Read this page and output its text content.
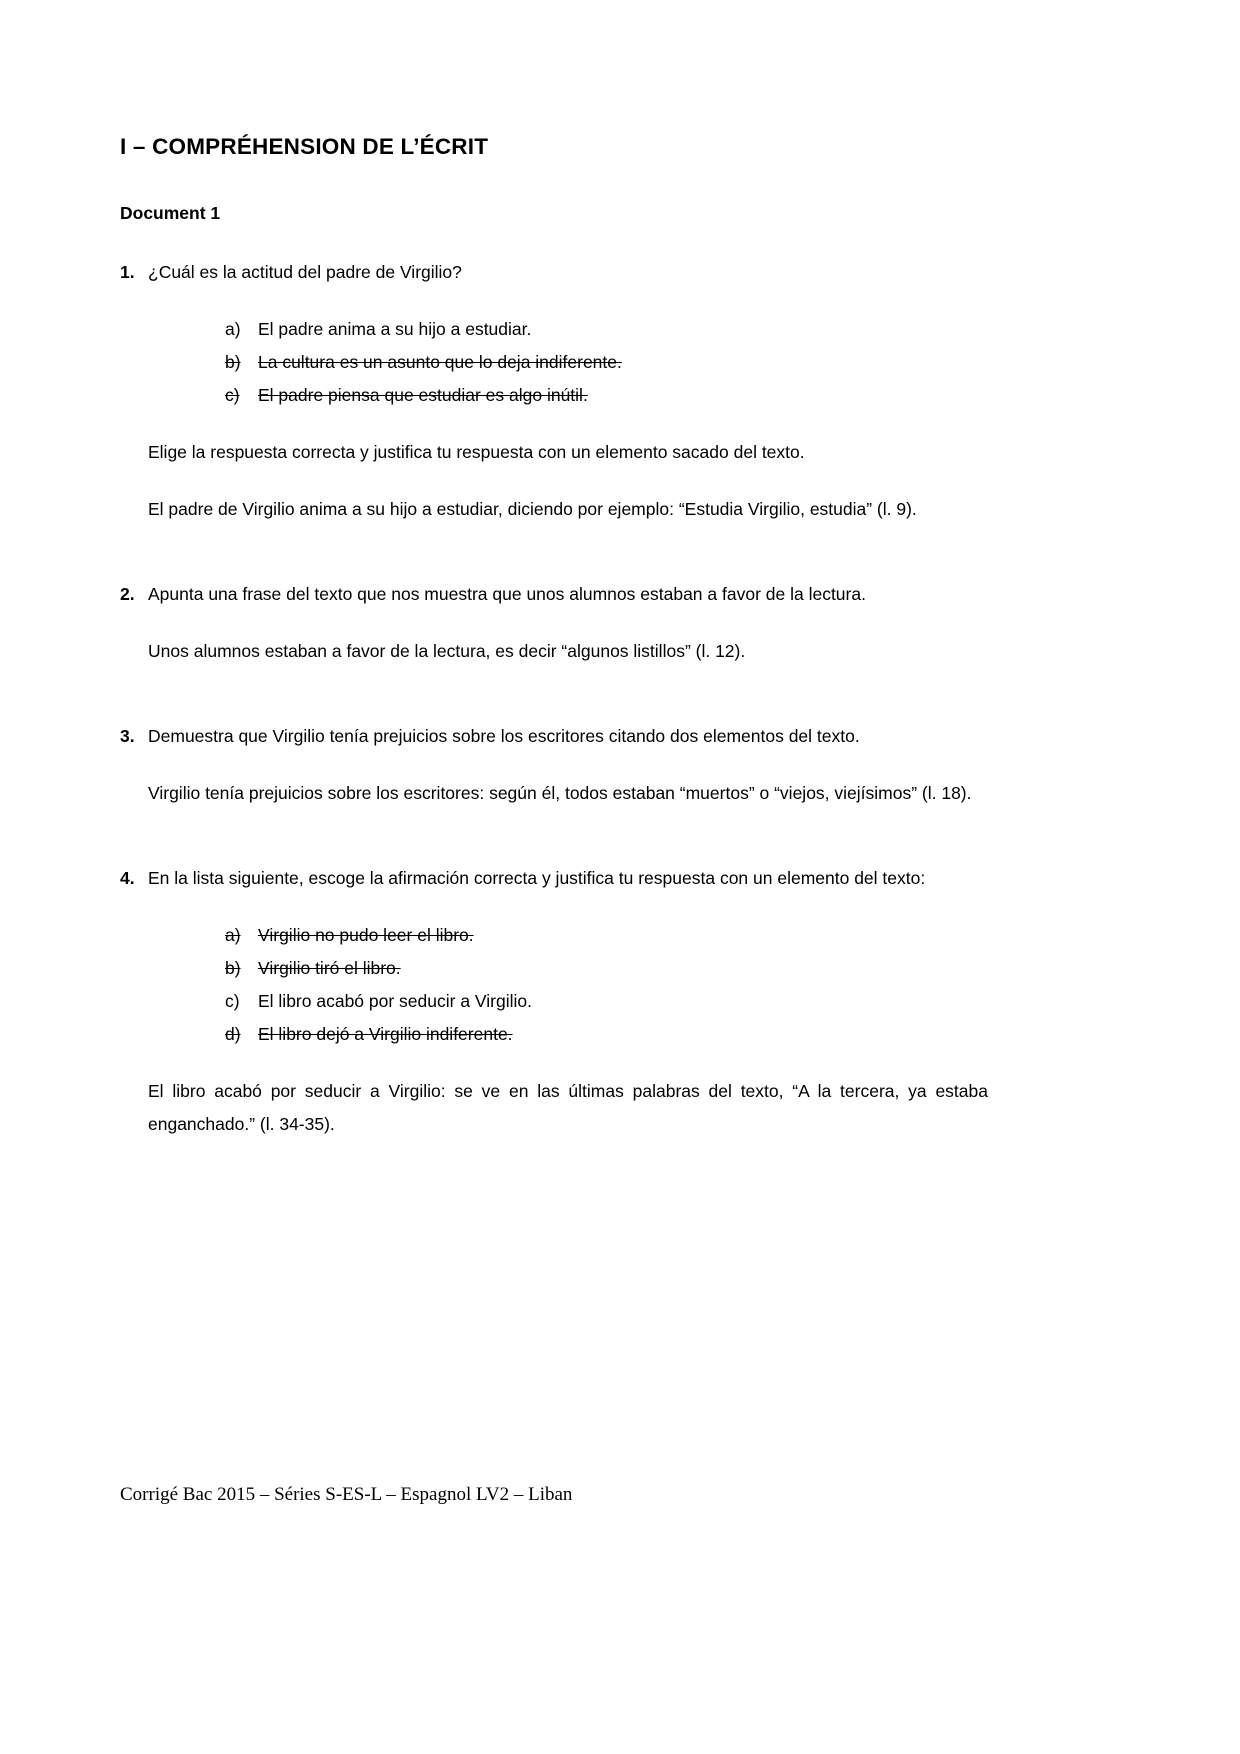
I – COMPRÉHENSION DE L’ÉCRIT
Document 1

1. ¿Cuál es la actitud del padre de Virgilio?

a) El padre anima a su hijo a estudiar.
b) La cultura es un asunto que lo deja indiferente.
c)	El padre piensa que estudiar es algo inútil.

Elige la respuesta correcta y justifica tu respuesta con un elemento sacado del texto.

El padre de Virgilio anima a su hijo a estudiar, diciendo por ejemplo: “Estudia Virgilio, estudia” (l. 9).

2. Apunta una frase del texto que nos muestra que unos alumnos estaban a favor de la lectura.

Unos alumnos estaban a favor de la lectura, es decir “algunos listillos” (l. 12).

3. Demuestra que Virgilio tenía prejuicios sobre los escritores citando dos elementos del texto.

Virgilio tenía prejuicios sobre los escritores: según él, todos estaban “muertos” o “viejos, viejísimos” (l. 18).

4. En la lista siguiente, escoge la afirmación correcta y justifica tu respuesta con un elemento del texto:

a) Virgilio no pudo leer el libro.
b) Virgilio tiró el libro.
c)	El libro acabó por seducir a Virgilio.
d) El libro dejó a Virgilio indiferente.

El libro acabó por seducir a Virgilio: se ve en las últimas palabras del texto, “A la tercera, ya estaba enganchado.” (l. 34-35).

Corrigé Bac 2015 – Séries S-ES-L – Espagnol LV2 – Liban
